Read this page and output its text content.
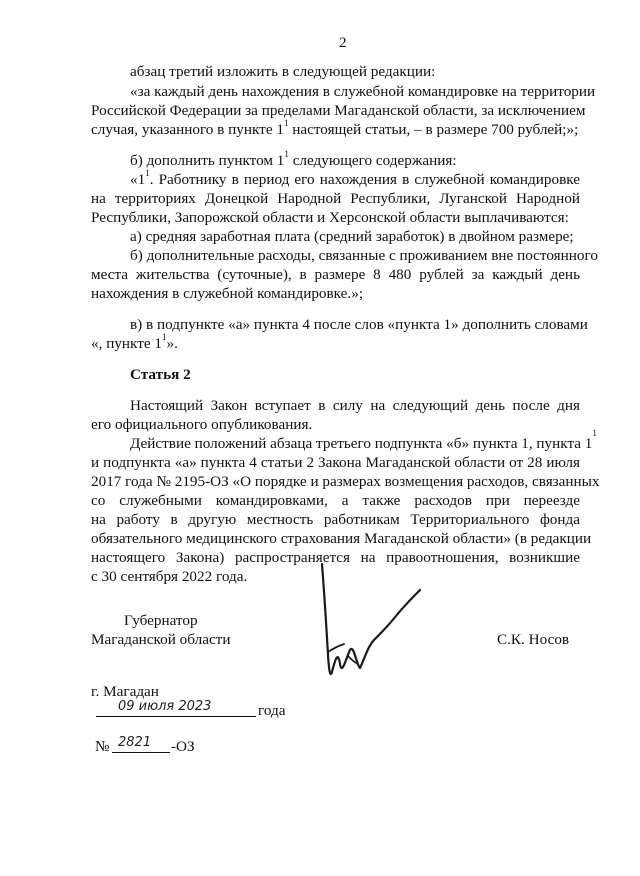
2
абзац третий изложить в следующей редакции:
«за каждый день нахождения в служебной командировке на территории
Российской Федерации за пределами Магаданской области, за исключением
случая, указанного в пункте $1^1$ настоящей статьи, – в размере 700 рублей;»;
б) дополнить пунктом $1^1$ следующего содержания:
«$1^1$ . Работнику в период его нахождения в служебной командировке
на территориях Донецкой Народной Республики, Луганской Народной
Республики, Запорожской области и Херсонской области выплачиваются:
а) средняя заработная плата (средний заработок) в двойном размере;
б) дополнительные расходы, связанные с проживанием вне постоянного
места жительства (суточные), в размере 8 480 рублей за каждый день
нахождения в служебной командировке.»;
в) в подпункте «а» пункта 4 после слов «пункта 1» дополнить словами
«, пункте $1^1$».
Статья 2
Настоящий Закон вступает в силу на следующий день после дня
его официального опубликования.
Действие положений абзаца третьего подпункта «б» пункта 1, пункта 1
$^1$
и подпункта «а» пункта 4 статьи 2 Закона Магаданской области от 28 июля
2017 года № 2195-ОЗ «О порядке и размерах возмещения расходов, связанных
со служебными командировками, а также расходов при переезде
на работу в другую местность работникам Территориального фонда
обязательного медицинского страхования Магаданской области» (в редакции
настоящего Закона) распространяется на правоотношения, возникшие
с 30 сентября 2022 года.
Губернатор
Магаданской области	С.К. Носов
г. Магадан
09 июля 2023	года
№ 2821 -ОЗ
